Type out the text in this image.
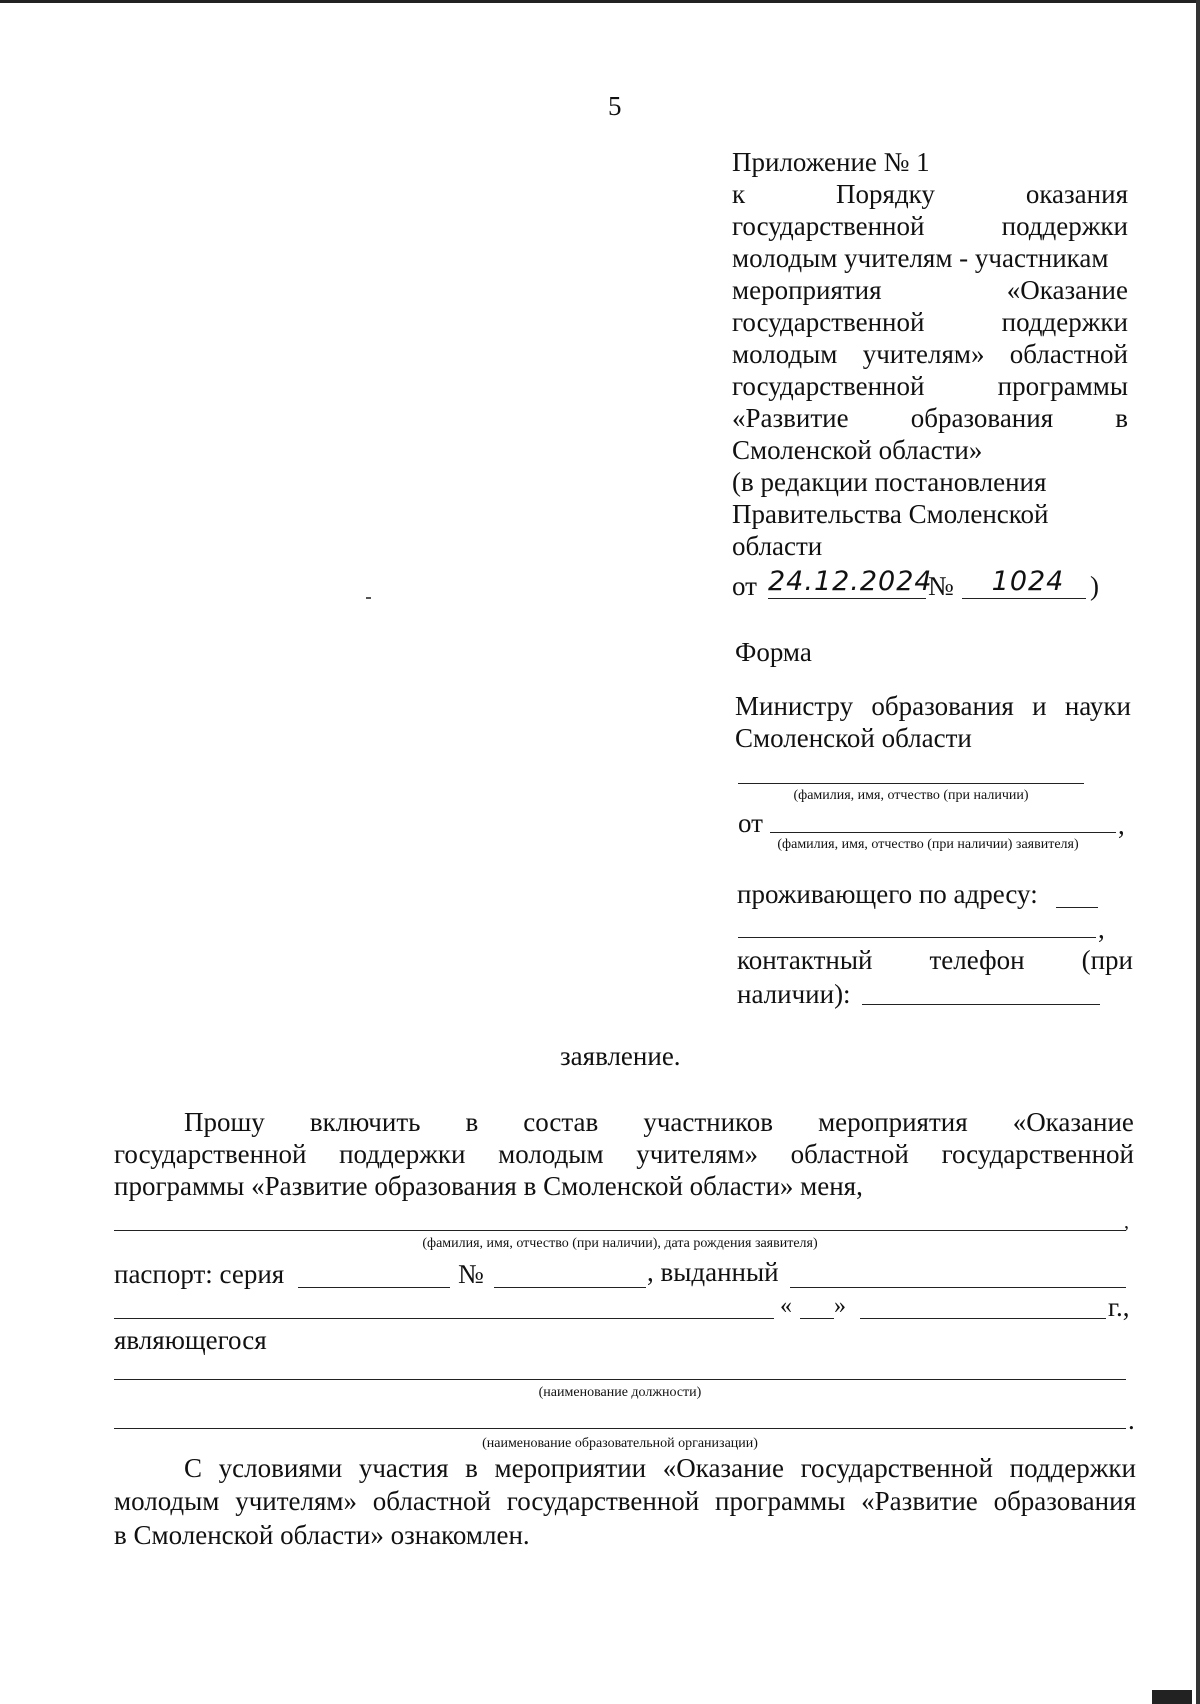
5
Приложение № 1
к	Порядку	оказания
государственной	поддержки
молодым учителям - участникам
мероприятия	«Оказание
государственной	поддержки
молодым учителям» областной
государственной	программы
«Развитие образования в
Смоленской области»
(в редакции постановления
Правительства Смоленской
области
от 24.12.2024
№	1024 )
Форма
Министру образования и науки
Смоленской области
(фамилия, имя, отчество (при наличии)
от	,
(фамилия, имя, отчество (при наличии) заявителя)
проживающего по адресу:
,
контактный телефон (при
наличии):
заявление.
Прошу включить в состав участников мероприятия «Оказание
государственной поддержки молодым учителям» областной государственной
программы «Развитие образования в Смоленской области» меня,
,
(фамилия, имя, отчество (при наличии), дата рождения заявителя)
паспорт: серия	№	, выданный
« »	г.,
являющегося
(наименование должности)
.
(наименование образовательной организации)
С условиями участия в мероприятии «Оказание государственной поддержки
молодым учителям» областной государственной программы «Развитие образования
в Смоленской области» ознакомлен.
